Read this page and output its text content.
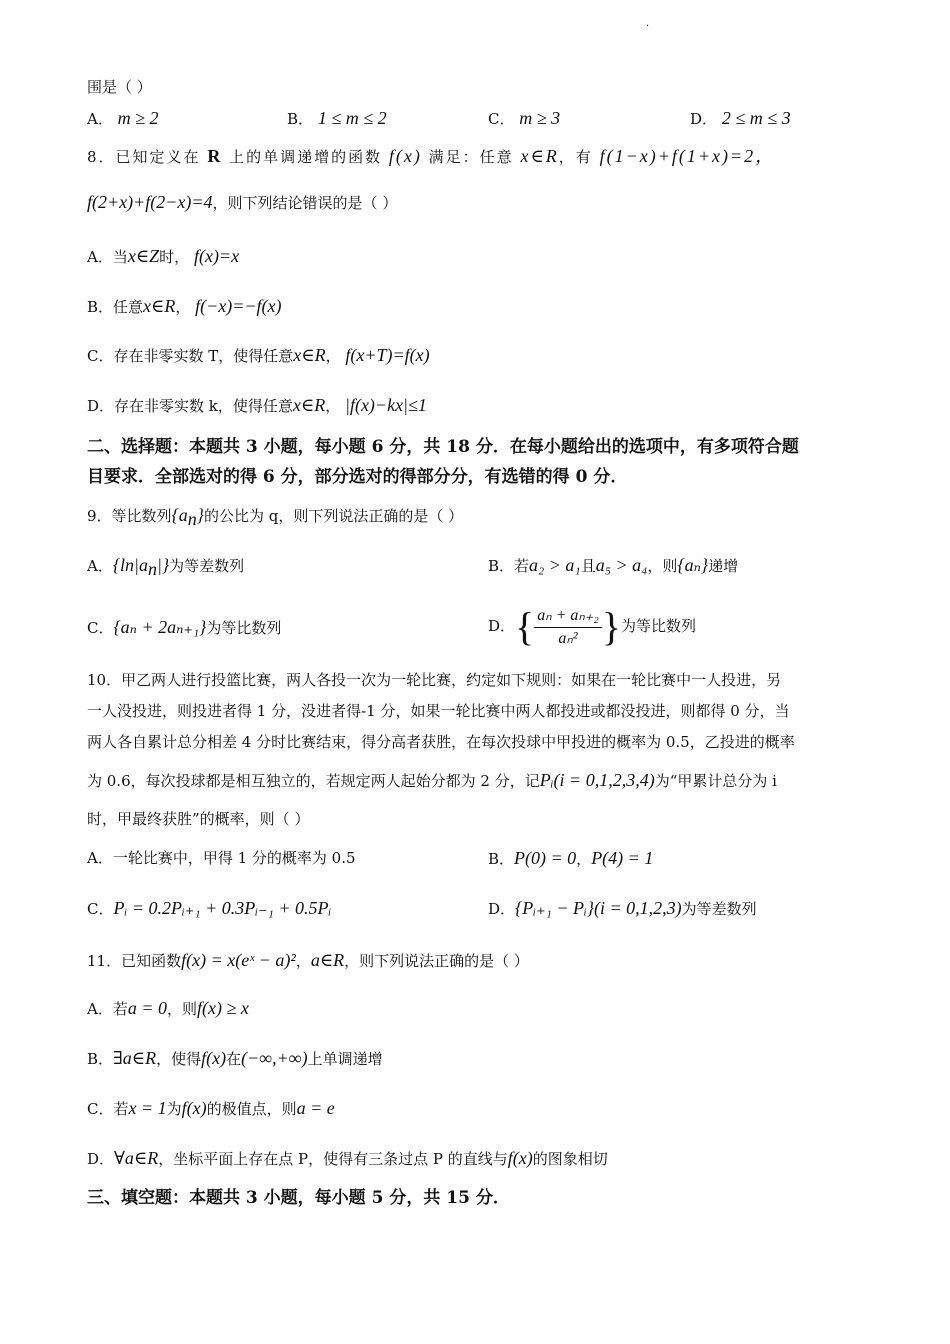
.
围是（ ）
A． m ≥ 2	B． 1 ≤ m ≤ 2	C． m ≥ 3	D． 2 ≤ m ≤ 3
8．已知定义在 R 上的单调递增的函数 f(x) 满足：任意 x∈R，有 f(1−x)+f(1+x)=2，
f(2+x)+f(2−x)=4，则下列结论错误的是（ ）
A．当x∈Z时， f(x)=x
B．任意x∈R， f(−x)=−f(x)
C．存在非零实数 T，使得任意x∈R， f(x+T)=f(x)
D．存在非零实数 k，使得任意x∈R， |f(x)−kx|≤1
二、选择题：本题共 3 小题，每小题 6 分，共 18 分．在每小题给出的选项中，有多项符合题
目要求．全部选对的得 6 分，部分选对的得部分分，有选错的得 0 分．
9．等比数列$\{a_n\}$的公比为 q，则下列说法正确的是（ ）
A．$\{\ln|a_n|\}$为等差数列	B．若a₂ > a₁且a₅ > a₄，则{aₙ}递增
C．{aₙ + 2aₙ₊₁}为等比数列	D．{ $\frac{\text{aₙ + aₙ₊₂}}{\text{aₙ²}}$ }为等比数列
10．甲乙两人进行投篮比赛，两人各投一次为一轮比赛，约定如下规则：如果在一轮比赛中一人投进，另
一人没投进，则投进者得 1 分，没进者得-1 分，如果一轮比赛中两人都投进或都没投进，则都得 0 分，当
两人各自累计总分相差 4 分时比赛结束，得分高者获胜，在每次投球中甲投进的概率为 0.5，乙投进的概率
为 0.6，每次投球都是相互独立的，若规定两人起始分都为 2 分，记Pᵢ(i = 0,1,2,3,4)为“甲累计总分为 i
时，甲最终获胜”的概率，则（ ）
A．一轮比赛中，甲得 1 分的概率为 0.5	B．P(0) = 0，P(4) = 1
C．Pᵢ = 0.2Pᵢ₊₁ + 0.3Pᵢ₋₁ + 0.5Pᵢ	D．{Pᵢ₊₁ − Pᵢ}(i = 0,1,2,3)为等差数列
11．已知函数f(x) = x(eˣ − a)²，a∈R，则下列说法正确的是（ ）
A．若a = 0，则f(x) ≥ x
B．∃a∈R，使得f(x)在(−∞,+∞)上单调递增
C．若x = 1为f(x)的极值点，则a = e
D．∀a∈R，坐标平面上存在点 P，使得有三条过点 P 的直线与f(x)的图象相切
三、填空题：本题共 3 小题，每小题 5 分，共 15 分．
